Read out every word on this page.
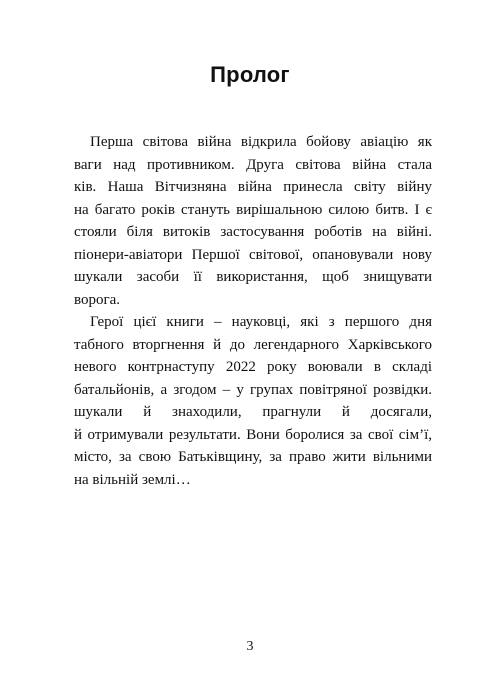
Пролог
Перша світова війна відкрила бойову авіацію як
ваги над противником. Друга світова війна стала
ків. Наша Вітчизняна війна принесла світу війну
на багато років стануть вирішальною силою битв. І є
стояли біля витоків застосування роботів на війні.
піонери-авіатори Першої світової, опановували нову
шукали засоби її використання, щоб знищувати
ворога.
Герої цієї книги – науковці, які з першого дня
табного вторгнення й до легендарного Харківського
невого контрнаступу 2022 року воювали в складі
батальйонів, а згодом – у групах повітряної розвідки.
шукали й знаходили, прагнули й досягали,
й отримували результати. Вони боролися за свої сім’ї,
місто, за свою Батьківщину, за право жити вільними
на вільній землі…
3
